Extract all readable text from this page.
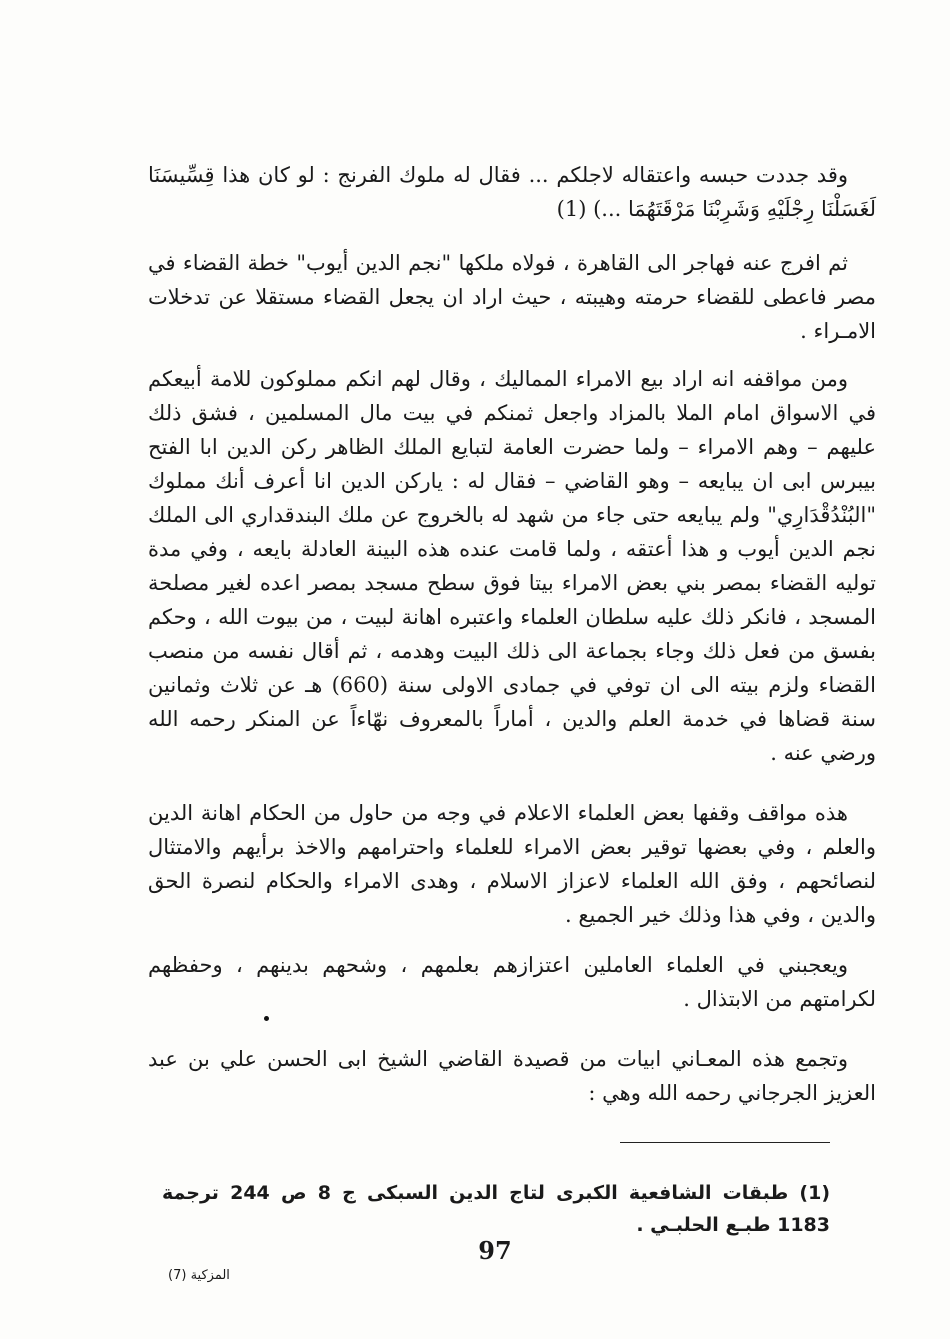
وقد جددت حبسه واعتقاله لاجلكم ... فقال له ملوك الفرنج : لو كان هذا قِسِّيسَنَا لَغَسَلْنَا رِجْلَيْهِ وَشَرِبْنَا مَرْقَتَهُمَا ...) (1)

ثم افرج عنه فهاجر الى القاهرة ، فولاه ملكها "نجم الدين أيوب" خطة القضاء في مصر فاعطى للقضاء حرمته وهيبته ، حيث اراد ان يجعل القضاء مستقلا عن تدخلات الامـراء .

ومن مواقفه انه اراد بيع الامراء المماليك ، وقال لهم انكم مملوكون للامة أبيعكم في الاسواق امام الملا بالمزاد واجعل ثمنكم في بيت مال المسلمين ، فشق ذلك عليهم – وهم الامراء – ولما حضرت العامة لتبايع الملك الظاهر ركن الدين ابا الفتح بيبرس ابى ان يبايعه – وهو القاضي – فقال له : ياركن الدين انا أعرف أنك مملوك "البُنْدُقْدَارِي" ولم يبايعه حتى جاء من شهد له بالخروج عن ملك البندقداري الى الملك نجم الدين أيوب و هذا أعتقه ، ولما قامت عنده هذه البينة العادلة بايعه ، وفي مدة توليه القضاء بمصر بني بعض الامراء بيتا فوق سطح مسجد بمصر اعده لغير مصلحة المسجد ، فانكر ذلك عليه سلطان العلماء واعتبره اهانة لبيت ، من بيوت الله ، وحكم بفسق من فعل ذلك وجاء بجماعة الى ذلك البيت وهدمه ، ثم أقال نفسه من منصب القضاء ولزم بيته الى ان توفي في جمادى الاولى سنة (660) هـ عن ثلاث وثمانين سنة قضاها في خدمة العلم والدين ، أماراً بالمعروف نهّاءاً عن المنكر رحمه الله ورضي عنه .

هذه مواقف وقفها بعض العلماء الاعلام في وجه من حاول من الحكام اهانة الدين والعلم ، وفي بعضها توقير بعض الامراء للعلماء واحترامهم والاخذ برأيهم والامتثال لنصائحهم ، وفق الله العلماء لاعزاز الاسلام ، وهدى الامراء والحكام لنصرة الحق والدين ، وفي هذا وذلك خير الجميع .

ويعجبني في العلماء العاملين اعتزازهم بعلمهم ، وشحهم بدينهم ، وحفظهم لكرامتهم من الابتذال .

وتجمع هذه المعـاني ابيات من قصيدة القاضي الشيخ ابى الحسن علي بن عبد العزيز الجرجاني رحمه الله وهي :

(1) طبقات الشافعية الكبرى لتاج الدين السبكى ج 8 ص 244 ترجمة 1183 طبـع الحلبـي .

97
المزكية (7)
